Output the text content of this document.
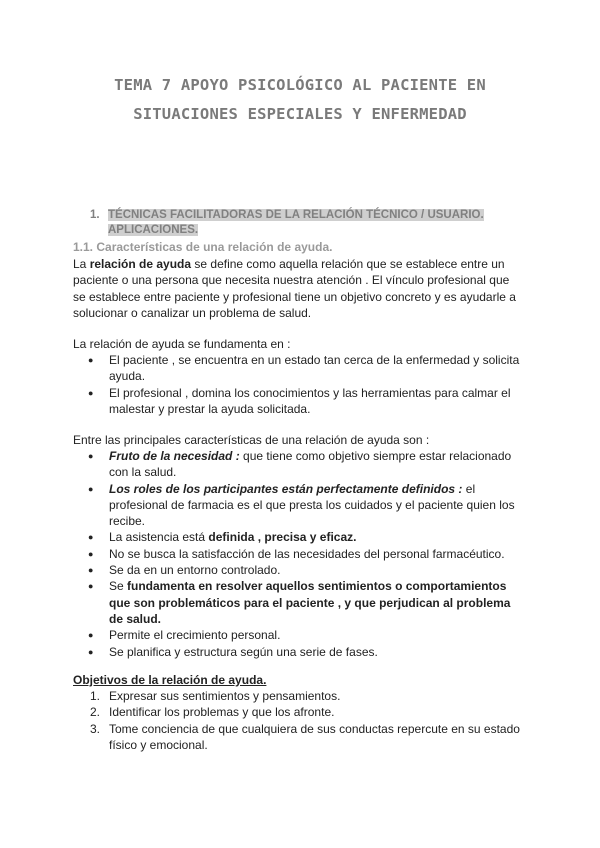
TEMA 7 APOYO PSICOLÓGICO AL PACIENTE EN
SITUACIONES ESPECIALES Y ENFERMEDAD
1. TÉCNICAS FACILITADORAS DE LA RELACIÓN TÉCNICO / USUARIO.
APLICACIONES.
1.1. Características de una relación de ayuda.
La relación de ayuda se define como aquella relación que se establece entre un
paciente o una persona que necesita nuestra atención . El vínculo profesional que
se establece entre paciente y profesional tiene un objetivo concreto y es ayudarle a
solucionar o canalizar un problema de salud.
La relación de ayuda se fundamenta en :
● El paciente , se encuentra en un estado tan cerca de la enfermedad y solicita
ayuda.
● El profesional , domina los conocimientos y las herramientas para calmar el
malestar y prestar la ayuda solicitada.
Entre las principales características de una relación de ayuda son :
● Fruto de la necesidad : que tiene como objetivo siempre estar relacionado
con la salud.
● Los roles de los participantes están perfectamente definidos : el
profesional de farmacia es el que presta los cuidados y el paciente quien los
recibe.
● La asistencia está definida , precisa y eficaz.
● No se busca la satisfacción de las necesidades del personal farmacéutico.
● Se da en un entorno controlado.
● Se fundamenta en resolver aquellos sentimientos o comportamientos
que son problemáticos para el paciente , y que perjudican al problema
de salud.
● Permite el crecimiento personal.
● Se planifica y estructura según una serie de fases.
Objetivos de la relación de ayuda.
1. Expresar sus sentimientos y pensamientos.
2. Identificar los problemas y que los afronte.
3. Tome conciencia de que cualquiera de sus conductas repercute en su estado
físico y emocional.
